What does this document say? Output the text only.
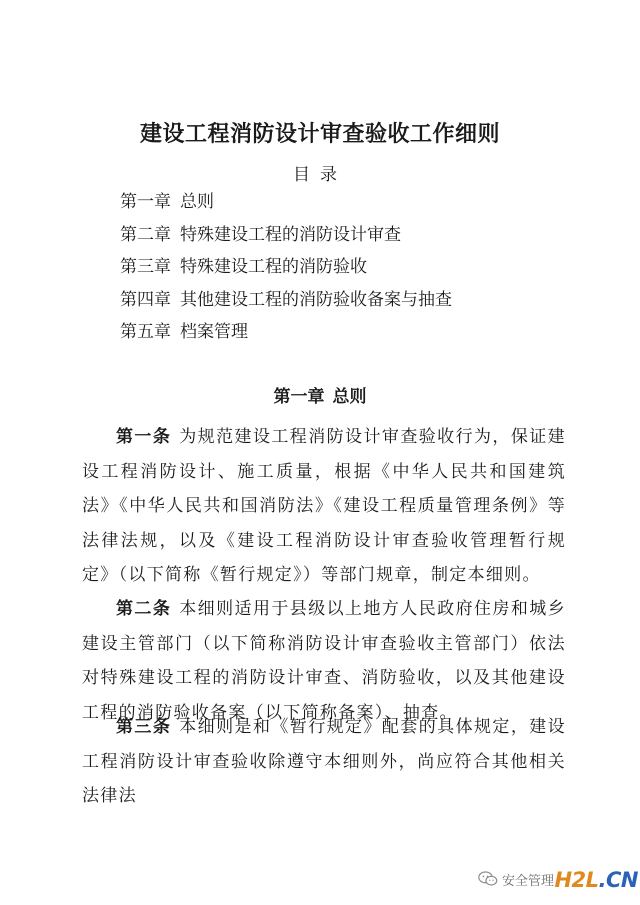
建设工程消防设计审查验收工作细则
目录
第一章 总则
第二章 特殊建设工程的消防设计审查
第三章 特殊建设工程的消防验收
第四章 其他建设工程的消防验收备案与抽查
第五章 档案管理
第一章 总则

第一条 为规范建设工程消防设计审查验收行为，保证建设工程消防设计、施工质量，根据《中华人民共和国建筑法》《中华人民共和国消防法》《建设工程质量管理条例》等法律法规，以及《建设工程消防设计审查验收管理暂行规定》（以下简称《暂行规定》）等部门规章，制定本细则。

第二条 本细则适用于县级以上地方人民政府住房和城乡建设主管部门（以下简称消防设计审查验收主管部门）依法对特殊建设工程的消防设计审查、消防验收，以及其他建设工程的消防验收备案（以下简称备案）、抽查。

第三条 本细则是和《暂行规定》配套的具体规定，建设工程消防设计审查验收除遵守本细则外，尚应符合其他相关法律法

安全管理 H2L.CN
